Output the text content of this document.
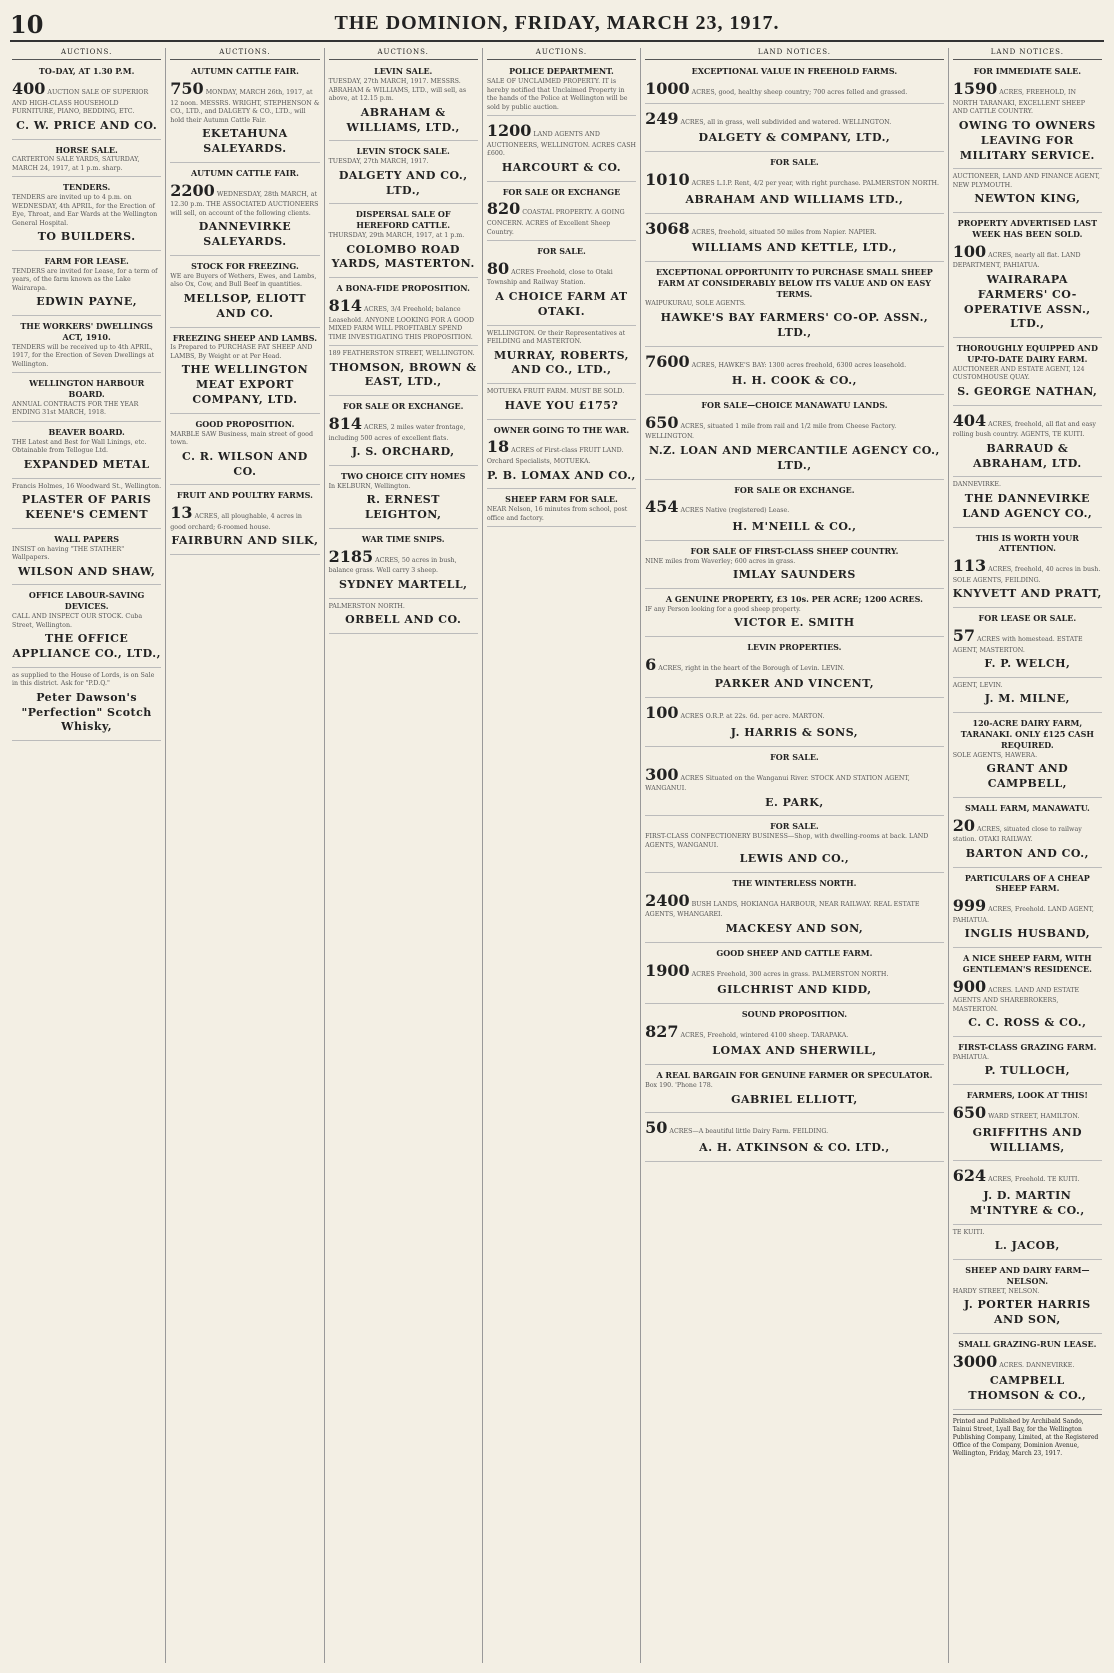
10	THE DOMINION, FRIDAY, MARCH 23, 1917.
AUCTIONS.
TO-DAY, AT 1.30 P.M.
400 AUCTION SALE OF SUPERIOR AND HIGH-CLASS HOUSEHOLD FURNITURE, PIANO, BEDDING, ETC.
C. W. PRICE AND CO.
HORSE SALE.
CARTERTON SALE YARDS, SATURDAY, MARCH 24, 1917, at 1 p.m. sharp.
TENDERS.
TENDERS are invited up to 4 p.m. on WEDNESDAY, 4th APRIL, for the Erection of Eye, Throat, and Ear Wards at the Wellington General Hospital.
TO BUILDERS.
FARM FOR LEASE.
TENDERS are invited for Lease, for a term of years, of the farm known as the Lake Wairarapa.
EDWIN PAYNE,
THE WORKERS' DWELLINGS ACT, 1910.
TENDERS will be received up to 4th APRIL, 1917, for the Erection of Seven Dwellings at Wellington.
WELLINGTON HARBOUR BOARD.
ANNUAL CONTRACTS FOR THE YEAR ENDING 31st MARCH, 1918.
BEAVER BOARD.
THE Latest and Best for Wall Linings, etc. Obtainable from Tellogue Ltd.
EXPANDED METAL
Francis Holmes, 16 Woodward St., Wellington.
PLASTER OF PARIS KEENE'S CEMENT
WALL PAPERS
INSIST on having "THE STATHER" Wallpapers.
WILSON AND SHAW,
OFFICE LABOUR-SAVING DEVICES.
CALL AND INSPECT OUR STOCK. Cuba Street, Wellington.
THE OFFICE APPLIANCE CO., LTD.,
as supplied to the House of Lords, is on Sale in this district. Ask for "P.D.Q."
Peter Dawson's "Perfection" Scotch Whisky,
AUCTIONS.
AUTUMN CATTLE FAIR.
750 MONDAY, MARCH 26th, 1917, at 12 noon. MESSRS. WRIGHT, STEPHENSON & CO., LTD., and DALGETY & CO., LTD., will hold their Autumn Cattle Fair.
EKETAHUNA SALEYARDS.
AUTUMN CATTLE FAIR.
2200 WEDNESDAY, 28th MARCH, at 12.30 p.m. THE ASSOCIATED AUCTIONEERS will sell, on account of the following clients.
DANNEVIRKE SALEYARDS.
STOCK FOR FREEZING.
WE are Buyers of Wethers, Ewes, and Lambs, also Ox, Cow, and Bull Beef in quantities.
MELLSOP, ELIOTT AND CO.
FREEZING SHEEP AND LAMBS.
Is Prepared to PURCHASE FAT SHEEP AND LAMBS, By Weight or at Per Head.
THE WELLINGTON MEAT EXPORT COMPANY, LTD.
GOOD PROPOSITION.
MARBLE SAW Business, main street of good town.
C. R. WILSON AND CO.
FRUIT AND POULTRY FARMS.
13 ACRES, all ploughable, 4 acres in good orchard; 6-roomed house.
FAIRBURN AND SILK,
AUCTIONS.
LEVIN SALE.
TUESDAY, 27th MARCH, 1917. MESSRS. ABRAHAM & WILLIAMS, LTD., will sell, as above, at 12.15 p.m.
ABRAHAM & WILLIAMS, LTD.,
LEVIN STOCK SALE.
TUESDAY, 27th MARCH, 1917.
DALGETY AND CO., LTD.,
DISPERSAL SALE OF HEREFORD CATTLE.
THURSDAY, 29th MARCH, 1917, at 1 p.m.
COLOMBO ROAD YARDS, MASTERTON.
A BONA-FIDE PROPOSITION.
814 ACRES, 3/4 Freehold; balance Leasehold. ANYONE LOOKING FOR A GOOD MIXED FARM WILL PROFITABLY SPEND TIME INVESTIGATING THIS PROPOSITION.
189 FEATHERSTON STREET, WELLINGTON.
THOMSON, BROWN & EAST, LTD.,
FOR SALE OR EXCHANGE.
814 ACRES, 2 miles water frontage, including 500 acres of excellent flats.
J. S. ORCHARD,
TWO CHOICE CITY HOMES
In KELBURN, Wellington.
R. ERNEST LEIGHTON,
WAR TIME SNIPS.
2185 ACRES, 50 acres in bush, balance grass. Well carry 3 sheep.
SYDNEY MARTELL,
PALMERSTON NORTH.
ORBELL AND CO.
AUCTIONS.
POLICE DEPARTMENT.
SALE OF UNCLAIMED PROPERTY. IT is hereby notified that Unclaimed Property in the hands of the Police at Wellington will be sold by public auction.
1200 LAND AGENTS AND AUCTIONEERS, WELLINGTON. ACRES CASH £600.
HARCOURT & CO.
FOR SALE OR EXCHANGE
820 COASTAL PROPERTY. A GOING CONCERN. ACRES of Excellent Sheep Country.
FOR SALE.
80 ACRES Freehold, close to Otaki Township and Railway Station.
A CHOICE FARM AT OTAKI.
WELLINGTON. Or their Representatives at FEILDING and MASTERTON.
MURRAY, ROBERTS, AND CO., LTD.,
MOTUEKA FRUIT FARM. MUST BE SOLD.
HAVE YOU £175?
OWNER GOING TO THE WAR.
18 ACRES of First-class FRUIT LAND. Orchard Specialists, MOTUEKA.
P. B. LOMAX AND CO.,
SHEEP FARM FOR SALE.
NEAR Nelson, 16 minutes from school, post office and factory.
LAND NOTICES.
EXCEPTIONAL VALUE IN FREEHOLD FARMS.
1000 ACRES, good, healthy sheep country; 700 acres felled and grassed.
249 ACRES, all in grass, well subdivided and watered. WELLINGTON.
DALGETY & COMPANY, LTD.,
FOR SALE.
1010 ACRES L.I.P. Rent, 4/2 per year, with right purchase. PALMERSTON NORTH.
ABRAHAM AND WILLIAMS LTD.,
3068 ACRES, freehold, situated 50 miles from Napier. NAPIER.
WILLIAMS AND KETTLE, LTD.,
EXCEPTIONAL OPPORTUNITY TO PURCHASE SMALL SHEEP FARM AT CONSIDERABLY BELOW ITS VALUE AND ON EASY TERMS.
WAIPUKURAU, SOLE AGENTS.
HAWKE'S BAY FARMERS' CO-OP. ASSN., LTD.,
7600 ACRES, HAWKE'S BAY: 1300 acres freehold, 6300 acres leasehold.
H. H. COOK & CO.,
FOR SALE—CHOICE MANAWATU LANDS.
650 ACRES, situated 1 mile from rail and 1/2 mile from Cheese Factory. WELLINGTON.
N.Z. LOAN AND MERCANTILE AGENCY CO., LTD.,
FOR SALE OR EXCHANGE.
454 ACRES Native (registered) Lease.
H. M'NEILL & CO.,
FOR SALE OF FIRST-CLASS SHEEP COUNTRY.
NINE miles from Waverley; 600 acres in grass.
IMLAY SAUNDERS
A GENUINE PROPERTY, £3 10s. PER ACRE; 1200 ACRES.
IF any Person looking for a good sheep property.
VICTOR E. SMITH
LEVIN PROPERTIES.
6 ACRES, right in the heart of the Borough of Levin. LEVIN.
PARKER AND VINCENT,
100 ACRES O.R.P. at 22s. 6d. per acre. MARTON.
J. HARRIS & SONS,
FOR SALE.
300 ACRES Situated on the Wanganui River. STOCK AND STATION AGENT, WANGANUI.
E. PARK,
FOR SALE.
FIRST-CLASS CONFECTIONERY BUSINESS—Shop, with dwelling-rooms at back. LAND AGENTS, WANGANUI.
LEWIS AND CO.,
THE WINTERLESS NORTH.
2400 BUSH LANDS, HOKIANGA HARBOUR, NEAR RAILWAY. REAL ESTATE AGENTS, WHANGAREI.
MACKESY AND SON,
GOOD SHEEP AND CATTLE FARM.
1900 ACRES Freehold, 300 acres in grass. PALMERSTON NORTH.
GILCHRIST AND KIDD,
SOUND PROPOSITION.
827 ACRES, Freehold, wintered 4100 sheep. TARAPAKA.
LOMAX AND SHERWILL,
A REAL BARGAIN FOR GENUINE FARMER OR SPECULATOR.
Box 190. 'Phone 178.
GABRIEL ELLIOTT,
50 ACRES—A beautiful little Dairy Farm. FEILDING.
A. H. ATKINSON & CO. LTD.,
LAND NOTICES.
FOR IMMEDIATE SALE.
1590 ACRES, FREEHOLD, IN NORTH TARANAKI, EXCELLENT SHEEP AND CATTLE COUNTRY.
OWING TO OWNERS LEAVING FOR MILITARY SERVICE.
AUCTIONEER, LAND AND FINANCE AGENT, NEW PLYMOUTH.
NEWTON KING,
PROPERTY ADVERTISED LAST WEEK HAS BEEN SOLD.
100 ACRES, nearly all flat. LAND DEPARTMENT, PAHIATUA.
WAIRARAPA FARMERS' CO-OPERATIVE ASSN., LTD.,
THOROUGHLY EQUIPPED AND UP-TO-DATE DAIRY FARM.
AUCTIONEER AND ESTATE AGENT, 124 CUSTOMHOUSE QUAY.
S. GEORGE NATHAN,
404 ACRES, freehold, all flat and easy rolling bush country. AGENTS, TE KUITI.
BARRAUD & ABRAHAM, LTD.
DANNEVIRKE.
THE DANNEVIRKE LAND AGENCY CO.,
THIS IS WORTH YOUR ATTENTION.
113 ACRES, freehold, 40 acres in bush. SOLE AGENTS, FEILDING.
KNYVETT AND PRATT,
FOR LEASE OR SALE.
57 ACRES with homestead. ESTATE AGENT, MASTERTON.
F. P. WELCH,
AGENT, LEVIN.
J. M. MILNE,
120-ACRE DAIRY FARM, TARANAKI. ONLY £125 CASH REQUIRED.
SOLE AGENTS, HAWERA.
GRANT AND CAMPBELL,
SMALL FARM, MANAWATU.
20 ACRES, situated close to railway station. OTAKI RAILWAY.
BARTON AND CO.,
PARTICULARS OF A CHEAP SHEEP FARM.
999 ACRES, Freehold. LAND AGENT, PAHIATUA.
INGLIS HUSBAND,
A NICE SHEEP FARM, WITH GENTLEMAN'S RESIDENCE.
900 ACRES. LAND AND ESTATE AGENTS AND SHAREBROKERS, MASTERTON.
C. C. ROSS & CO.,
FIRST-CLASS GRAZING FARM.
PAHIATUA.
P. TULLOCH,
FARMERS, LOOK AT THIS!
650 WARD STREET, HAMILTON.
GRIFFITHS AND WILLIAMS,
624 ACRES, Freehold. TE KUITI.
J. D. MARTIN M'INTYRE & CO.,
TE KUITI.
L. JACOB,
SHEEP AND DAIRY FARM—NELSON.
HARDY STREET, NELSON.
J. PORTER HARRIS AND SON,
SMALL GRAZING-RUN LEASE.
3000 ACRES. DANNEVIRKE.
CAMPBELL THOMSON & CO.,
Printed and Published by Archibald Sando, Tainui Street, Lyall Bay, for the Wellington Publishing Company, Limited, at the Registered Office of the Company, Dominion Avenue, Wellington, Friday, March 23, 1917.
